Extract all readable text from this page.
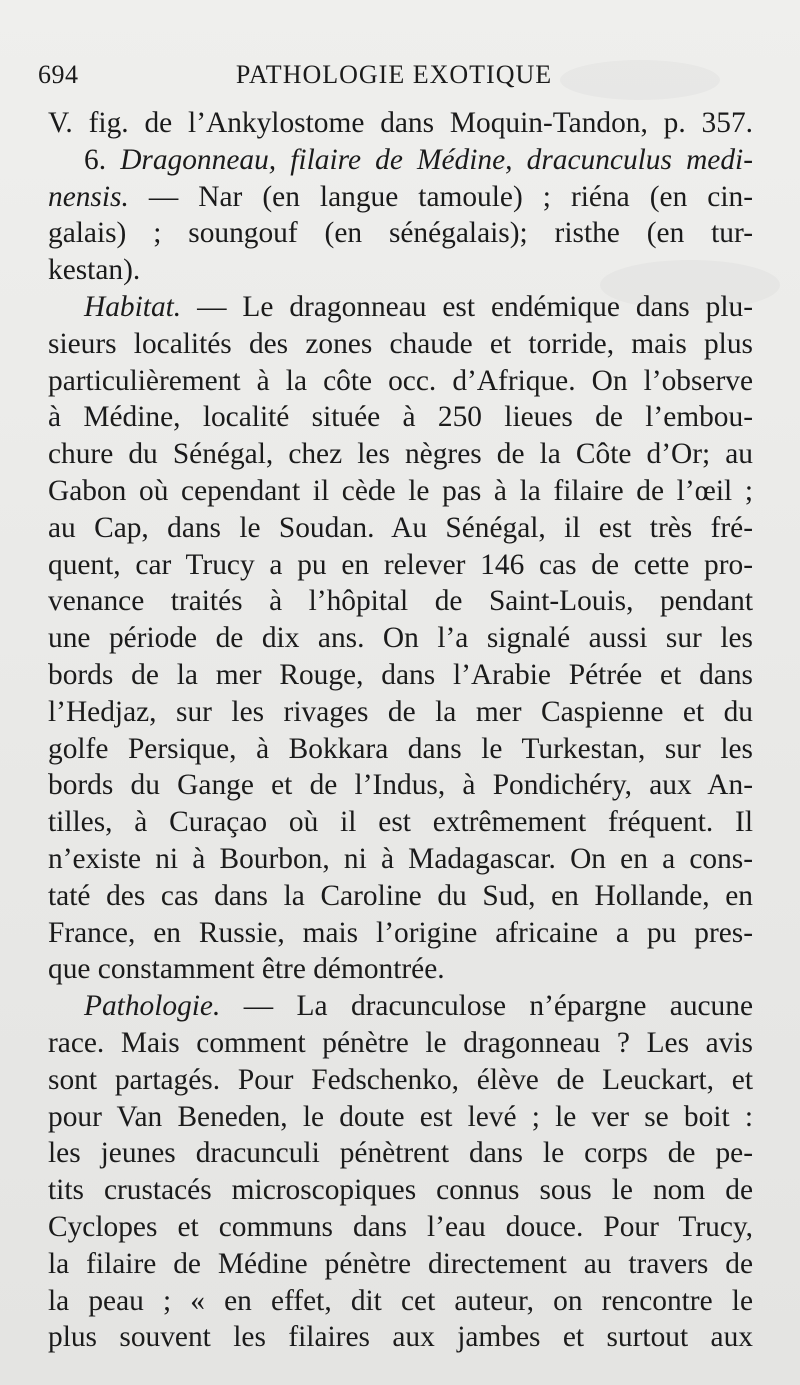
694	PATHOLOGIE EXOTIQUE
V. fig. de l’Ankylostome dans Moquin-Tandon, p. 357.
6. Dragonneau, filaire de Médine, dracunculus medi-
nensis. — Nar (en langue tamoule) ; riéna (en cin-
galais) ; soungouf (en sénégalais); risthe (en tur-
kestan).
Habitat. — Le dragonneau est endémique dans plu-
sieurs localités des zones chaude et torride, mais plus
particulièrement à la côte occ. d’Afrique. On l’observe
à Médine, localité située à 250 lieues de l’embou-
chure du Sénégal, chez les nègres de la Côte d’Or; au
Gabon où cependant il cède le pas à la filaire de l’œil ;
au Cap, dans le Soudan. Au Sénégal, il est très fré-
quent, car Trucy a pu en relever 146 cas de cette pro-
venance traités à l’hôpital de Saint-Louis, pendant
une période de dix ans. On l’a signalé aussi sur les
bords de la mer Rouge, dans l’Arabie Pétrée et dans
l’Hedjaz, sur les rivages de la mer Caspienne et du
golfe Persique, à Bokkara dans le Turkestan, sur les
bords du Gange et de l’Indus, à Pondichéry, aux An-
tilles, à Curaçao où il est extrêmement fréquent. Il
n’existe ni à Bourbon, ni à Madagascar. On en a cons-
taté des cas dans la Caroline du Sud, en Hollande, en
France, en Russie, mais l’origine africaine a pu pres-
que constamment être démontrée.
Pathologie. — La dracunculose n’épargne aucune
race. Mais comment pénètre le dragonneau ? Les avis
sont partagés. Pour Fedschenko, élève de Leuckart, et
pour Van Beneden, le doute est levé ; le ver se boit :
les jeunes dracunculi pénètrent dans le corps de pe-
tits crustacés microscopiques connus sous le nom de
Cyclopes et communs dans l’eau douce. Pour Trucy,
la filaire de Médine pénètre directement au travers de
la peau ; « en effet, dit cet auteur, on rencontre le
plus souvent les filaires aux jambes et surtout aux
